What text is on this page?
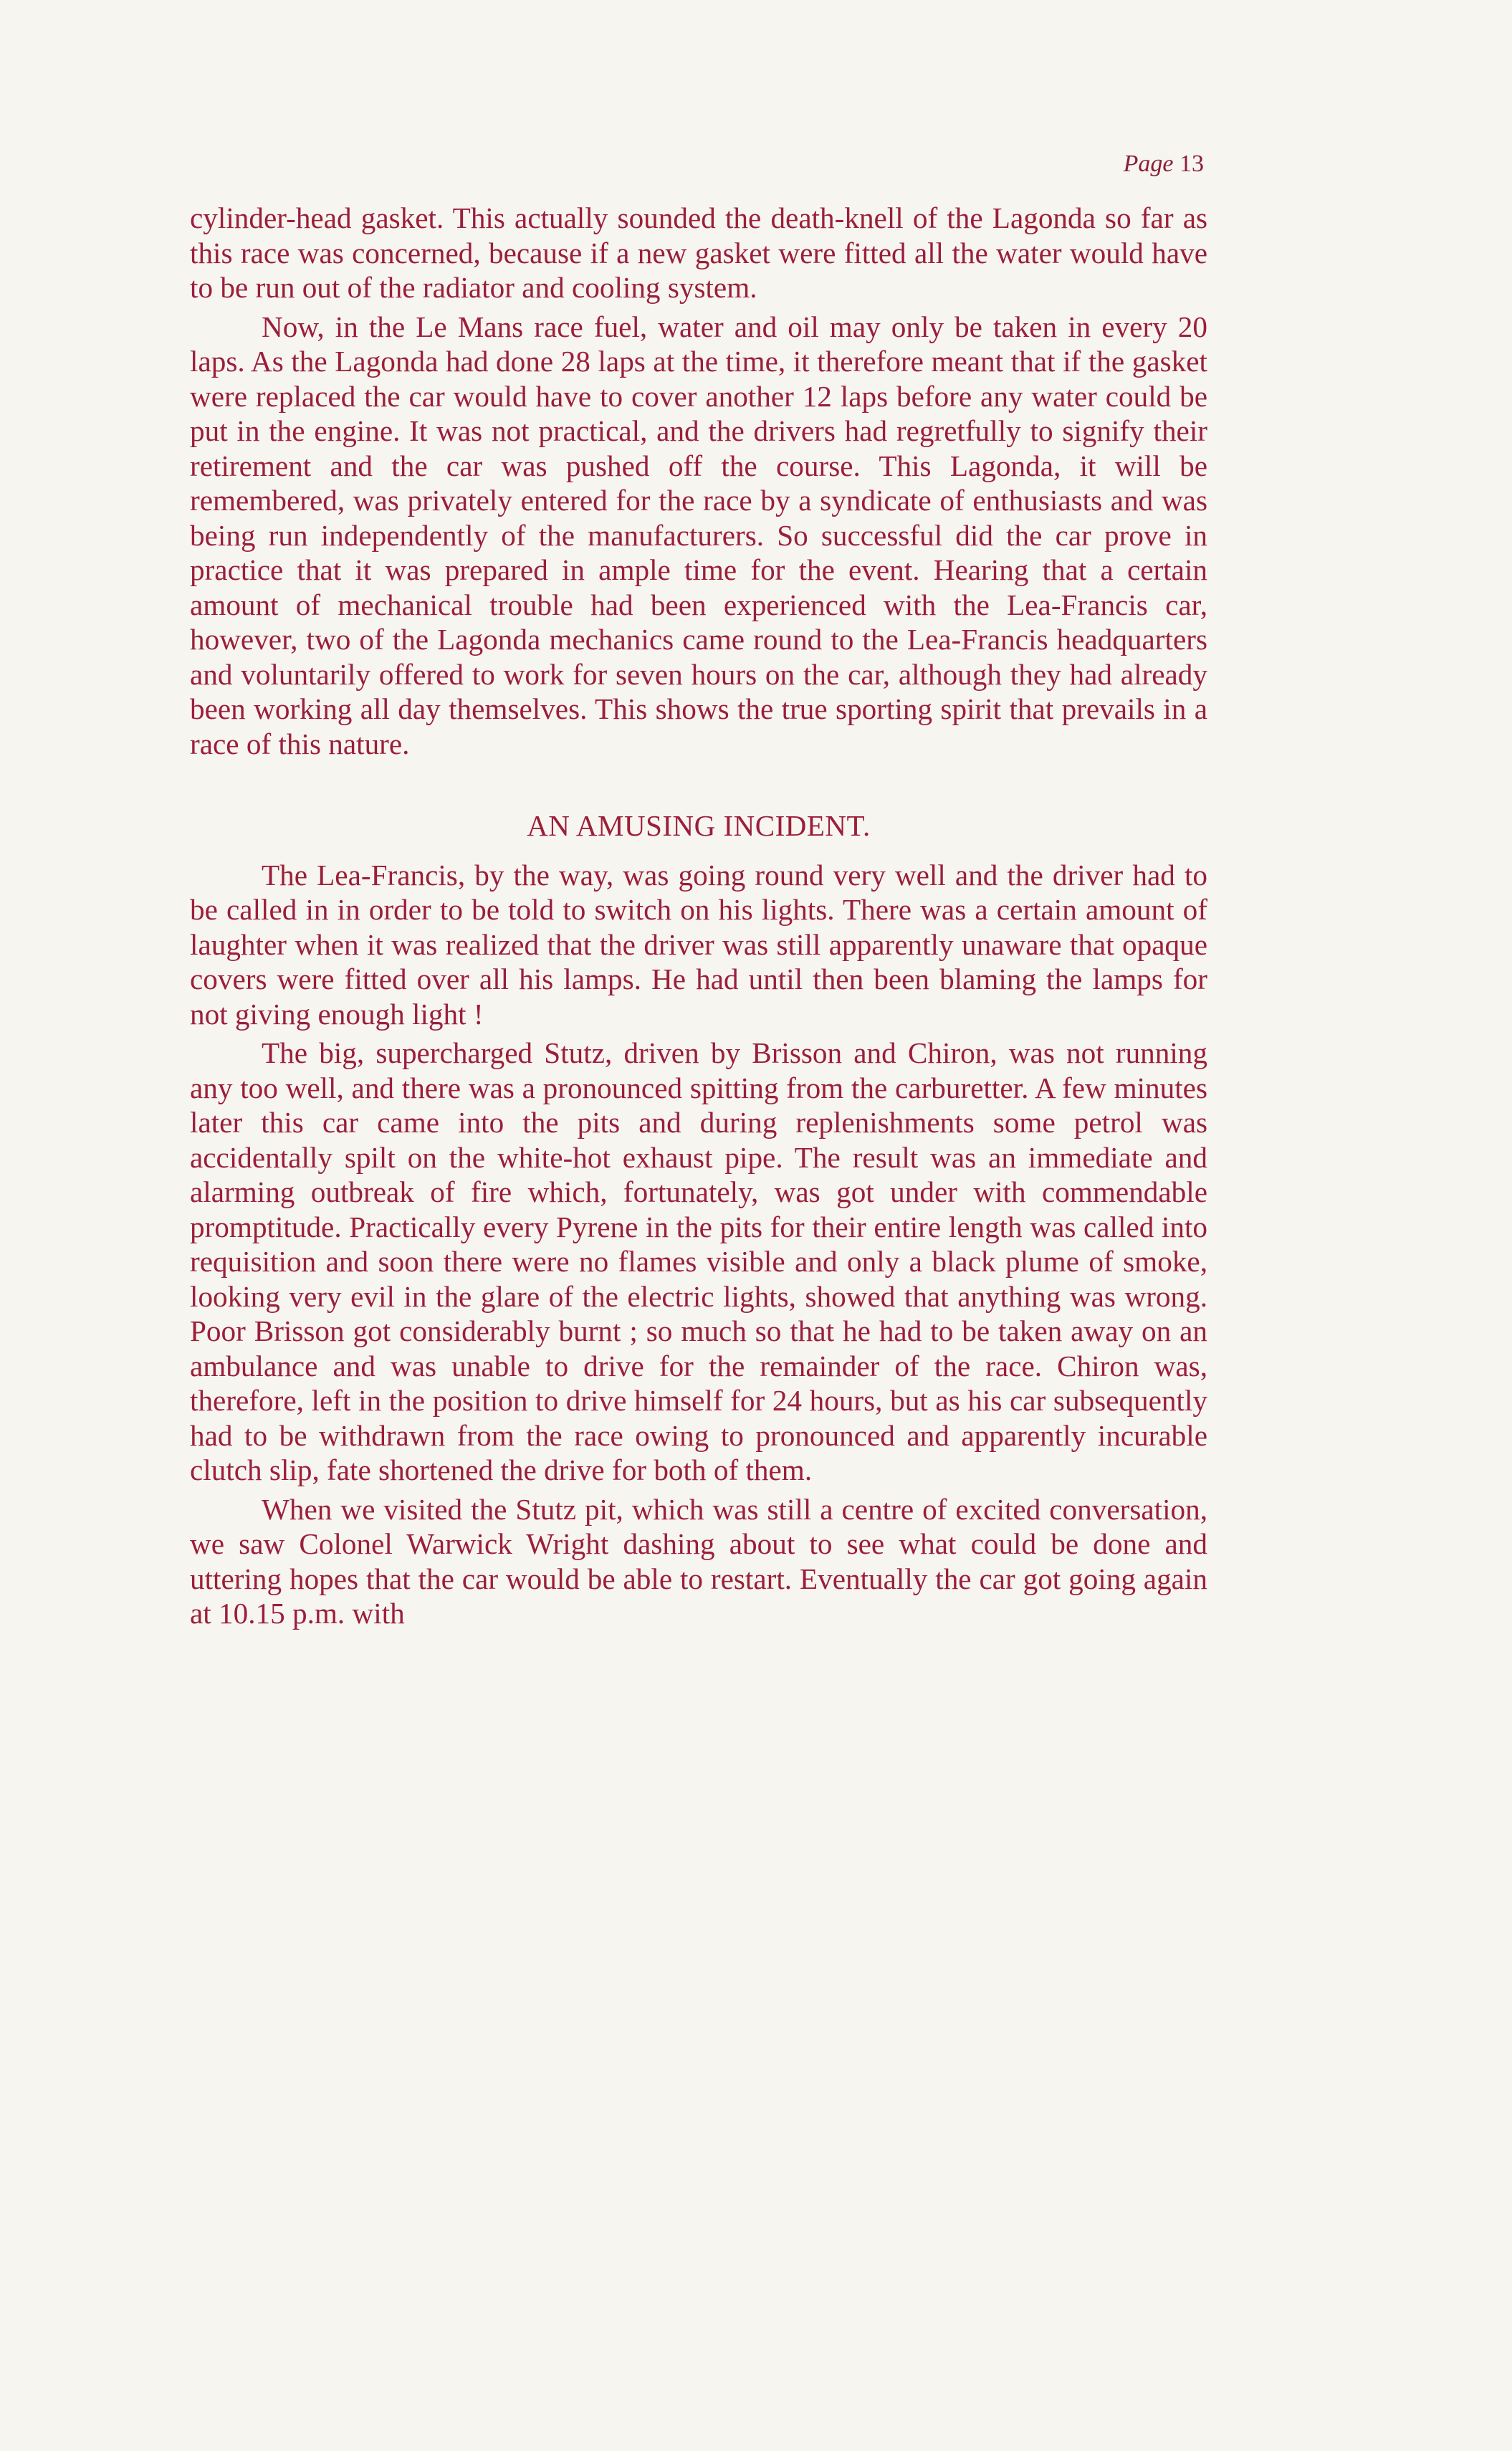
Page 13

cylinder-head gasket. This actually sounded the death-knell of the Lagonda so far as this race was concerned, because if a new gasket were fitted all the water would have to be run out of the radiator and cooling system.

Now, in the Le Mans race fuel, water and oil may only be taken in every 20 laps. As the Lagonda had done 28 laps at the time, it therefore meant that if the gasket were replaced the car would have to cover another 12 laps before any water could be put in the engine. It was not practical, and the drivers had regretfully to signify their retirement and the car was pushed off the course. This Lagonda, it will be remembered, was privately entered for the race by a syndicate of enthusiasts and was being run independently of the manufacturers. So successful did the car prove in practice that it was prepared in ample time for the event. Hearing that a certain amount of mechanical trouble had been experienced with the Lea-Francis car, however, two of the Lagonda mechanics came round to the Lea-Francis headquarters and voluntarily offered to work for seven hours on the car, although they had already been working all day themselves. This shows the true sporting spirit that prevails in a race of this nature.

AN AMUSING INCIDENT.

The Lea-Francis, by the way, was going round very well and the driver had to be called in in order to be told to switch on his lights. There was a certain amount of laughter when it was realized that the driver was still apparently unaware that opaque covers were fitted over all his lamps. He had until then been blaming the lamps for not giving enough light !

The big, supercharged Stutz, driven by Brisson and Chiron, was not running any too well, and there was a pronounced spitting from the carburetter. A few minutes later this car came into the pits and during replenishments some petrol was accidentally spilt on the white-hot exhaust pipe. The result was an immediate and alarming outbreak of fire which, fortunately, was got under with commendable promptitude. Practically every Pyrene in the pits for their entire length was called into requisition and soon there were no flames visible and only a black plume of smoke, looking very evil in the glare of the electric lights, showed that anything was wrong. Poor Brisson got considerably burnt ; so much so that he had to be taken away on an ambulance and was unable to drive for the remainder of the race. Chiron was, therefore, left in the position to drive himself for 24 hours, but as his car subsequently had to be withdrawn from the race owing to pronounced and apparently incurable clutch slip, fate shortened the drive for both of them.

When we visited the Stutz pit, which was still a centre of excited conversation, we saw Colonel Warwick Wright dashing about to see what could be done and uttering hopes that the car would be able to restart. Eventually the car got going again at 10.15 p.m. with
